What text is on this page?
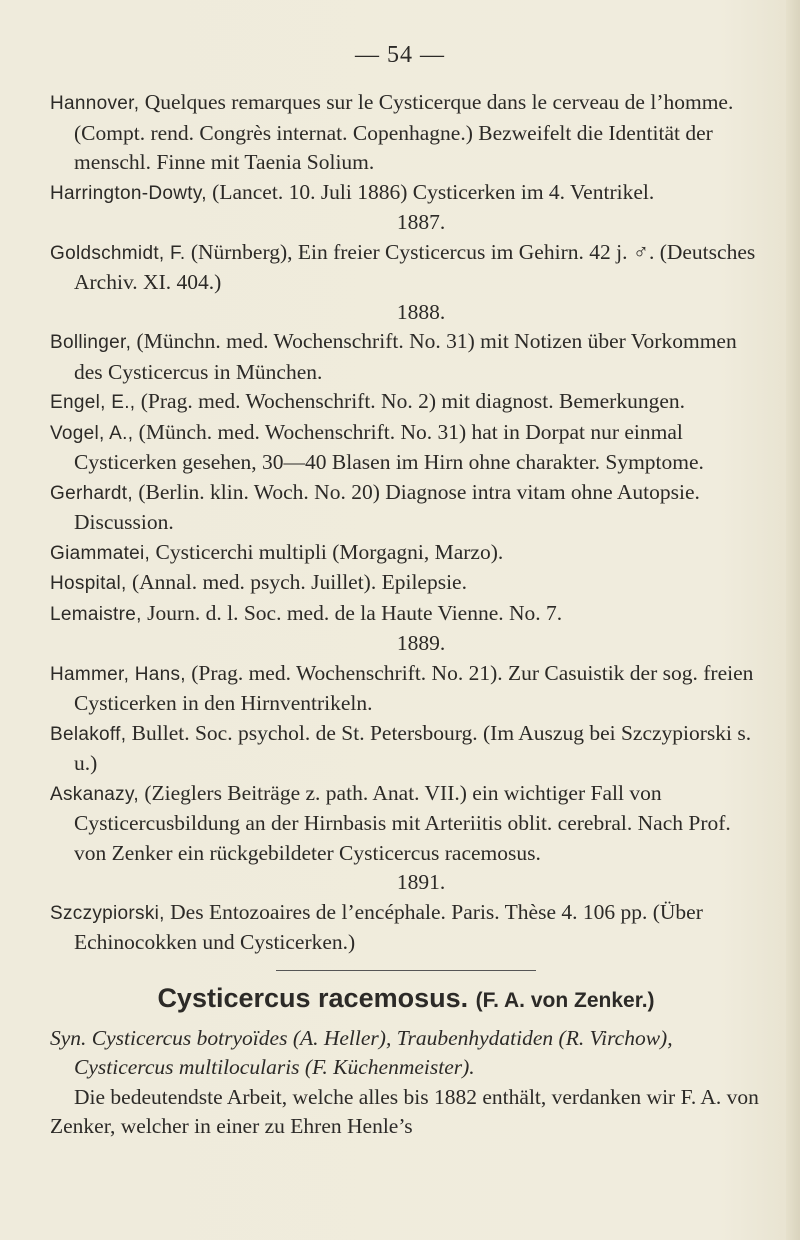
— 54 —

Hannover, Quelques remarques sur le Cysticerque dans le cerveau de l’homme. (Compt. rend. Congrès internat. Copenhagne.) Bezweifelt die Identität der menschl. Finne mit Taenia Solium.

Harrington-Dowty, (Lancet. 10. Juli 1886) Cysticerken im 4. Ventrikel.

1887.

Goldschmidt, F. (Nürnberg), Ein freier Cysticercus im Gehirn. 42 j. ♂. (Deutsches Archiv. XI. 404.)

1888.

Bollinger, (Münchn. med. Wochenschrift. No. 31) mit Notizen über Vorkommen des Cysticercus in München.

Engel, E., (Prag. med. Wochenschrift. No. 2) mit diagnost. Bemerkungen.

Vogel, A., (Münch. med. Wochenschrift. No. 31) hat in Dorpat nur einmal Cysticerken gesehen, 30—40 Blasen im Hirn ohne charakter. Symptome.

Gerhardt, (Berlin. klin. Woch. No. 20) Diagnose intra vitam ohne Autopsie. Discussion.

Giammatei, Cysticerchi multipli (Morgagni, Marzo).

Hospital, (Annal. med. psych. Juillet). Epilepsie.

Lemaistre, Journ. d. l. Soc. med. de la Haute Vienne. No. 7.

1889.

Hammer, Hans, (Prag. med. Wochenschrift. No. 21). Zur Casuistik der sog. freien Cysticerken in den Hirnventrikeln.

Belakoff, Bullet. Soc. psychol. de St. Petersbourg. (Im Auszug bei Szczypiorski s. u.)

Askanazy, (Zieglers Beiträge z. path. Anat. VII.) ein wichtiger Fall von Cysticercusbildung an der Hirnbasis mit Arteriitis oblit. cerebral. Nach Prof. von Zenker ein rückgebildeter Cysticercus racemosus.

1891.

Szczypiorski, Des Entozoaires de l’encéphale. Paris. Thèse 4. 106 pp. (Über Echinocokken und Cysticerken.)

Cysticercus racemosus. (F. A. von Zenker.)

Syn. Cysticercus botryoïdes (A. Heller), Traubenhydatiden (R. Virchow), Cysticercus multilocularis (F. Küchenmeister).

Die bedeutendste Arbeit, welche alles bis 1882 enthält, verdanken wir F. A. von Zenker, welcher in einer zu Ehren Henle’s
